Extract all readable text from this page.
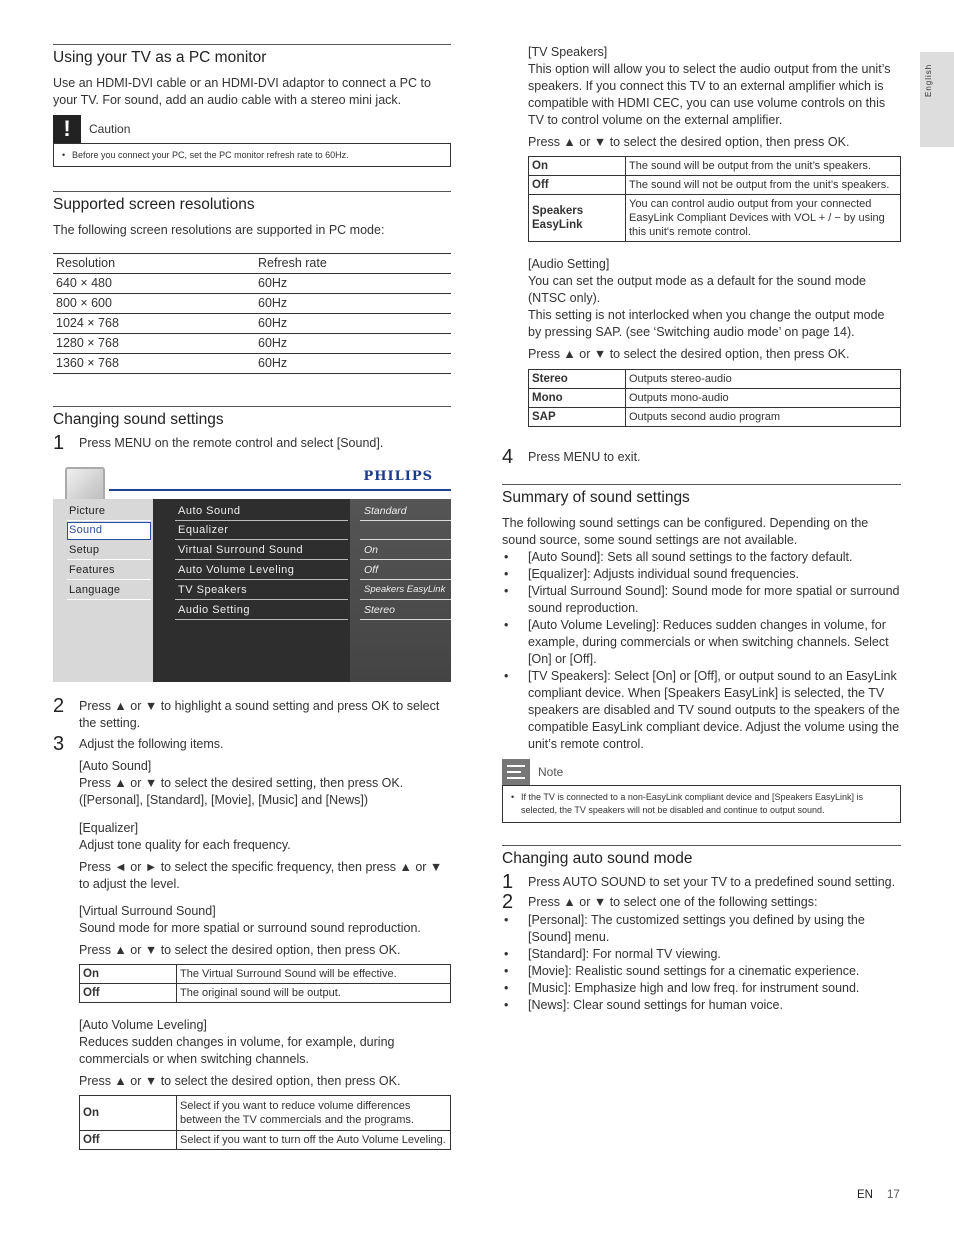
English
Using your TV as a PC monitor

Use an HDMI-DVI cable or an HDMI-DVI adaptor to connect a PC to your TV. For sound, add an audio cable with a stereo mini jack.

!	Caution
• Before you connect your PC, set the PC monitor refresh rate to 60Hz.
Supported screen resolutions

The following screen resolutions are supported in PC mode:

Resolution	Refresh rate
640 × 480	60Hz
800 × 600	60Hz
1024 × 768	60Hz
1280 × 768	60Hz
1360 × 768	60Hz
Changing sound settings
1	Press MENU on the remote control and select [Sound].
PHILIPS
Picture
Sound
Setup
Features
Language
Auto Sound
Equalizer
Virtual Surround Sound
Auto Volume Leveling
TV Speakers
Audio Setting
Standard
On
Off
Speakers EasyLink
Stereo
2	Press ▲ or ▼ to highlight a sound setting and press OK to select the setting.
3	Adjust the following items.

[Auto Sound]

Press ▲ or ▼ to select the desired setting, then press OK. ([Personal], [Standard], [Movie], [Music] and [News])

[Equalizer]

Adjust tone quality for each frequency.

Press ◄ or ► to select the specific frequency, then press ▲ or ▼ to adjust the level.

[Virtual Surround Sound]

Sound mode for more spatial or surround sound reproduction.

Press ▲ or ▼ to select the desired option, then press OK.

On	The Virtual Surround Sound will be effective.
Off	The original sound will be output.

[Auto Volume Leveling]

Reduces sudden changes in volume, for example, during commercials or when switching channels.

Press ▲ or ▼ to select the desired option, then press OK.

On	Select if you want to reduce volume differences between the TV commercials and the programs.
Off	Select if you want to turn off the Auto Volume Leveling.

[TV Speakers]

This option will allow you to select the audio output from the unit’s speakers. If you connect this TV to an external amplifier which is compatible with HDMI CEC, you can use volume controls on this TV to control volume on the external amplifier.

Press ▲ or ▼ to select the desired option, then press OK.

On	The sound will be output from the unit’s speakers.
Off	The sound will not be output from the unit’s speakers.
Speakers EasyLink	You can control audio output from your connected EasyLink Compliant Devices with VOL + / − by using this unit's remote control.

[Audio Setting]

You can set the output mode as a default for the sound mode (NTSC only).

This setting is not interlocked when you change the output mode by pressing SAP. (see ‘Switching audio mode’ on page 14).

Press ▲ or ▼ to select the desired option, then press OK.

Stereo	Outputs stereo-audio
Mono	Outputs mono-audio
SAP	Outputs second audio program
4	Press MENU to exit.
Summary of sound settings

The following sound settings can be configured. Depending on the sound source, some sound settings are not available.

• [Auto Sound]: Sets all sound settings to the factory default.
• [Equalizer]: Adjusts individual sound frequencies.
• [Virtual Surround Sound]: Sound mode for more spatial or surround sound reproduction.
• [Auto Volume Leveling]: Reduces sudden changes in volume, for example, during commercials or when switching channels. Select [On] or [Off].
• [TV Speakers]: Select [On] or [Off], or output sound to an EasyLink compliant device. When [Speakers EasyLink] is selected, the TV speakers are disabled and TV sound outputs to the speakers of the compatible EasyLink compliant device. Adjust the volume using the unit’s remote control.
Note
• If the TV is connected to a non-EasyLink compliant device and [Speakers EasyLink] is selected, the TV speakers will not be disabled and continue to output sound.
Changing auto sound mode
1	Press AUTO SOUND to set your TV to a predefined sound setting.
2	Press ▲ or ▼ to select one of the following settings:
• [Personal]: The customized settings you defined by using the [Sound] menu.
• [Standard]: For normal TV viewing.
• [Movie]: Realistic sound settings for a cinematic experience.
• [Music]: Emphasize high and low freq. for instrument sound.
• [News]: Clear sound settings for human voice.
EN 17
